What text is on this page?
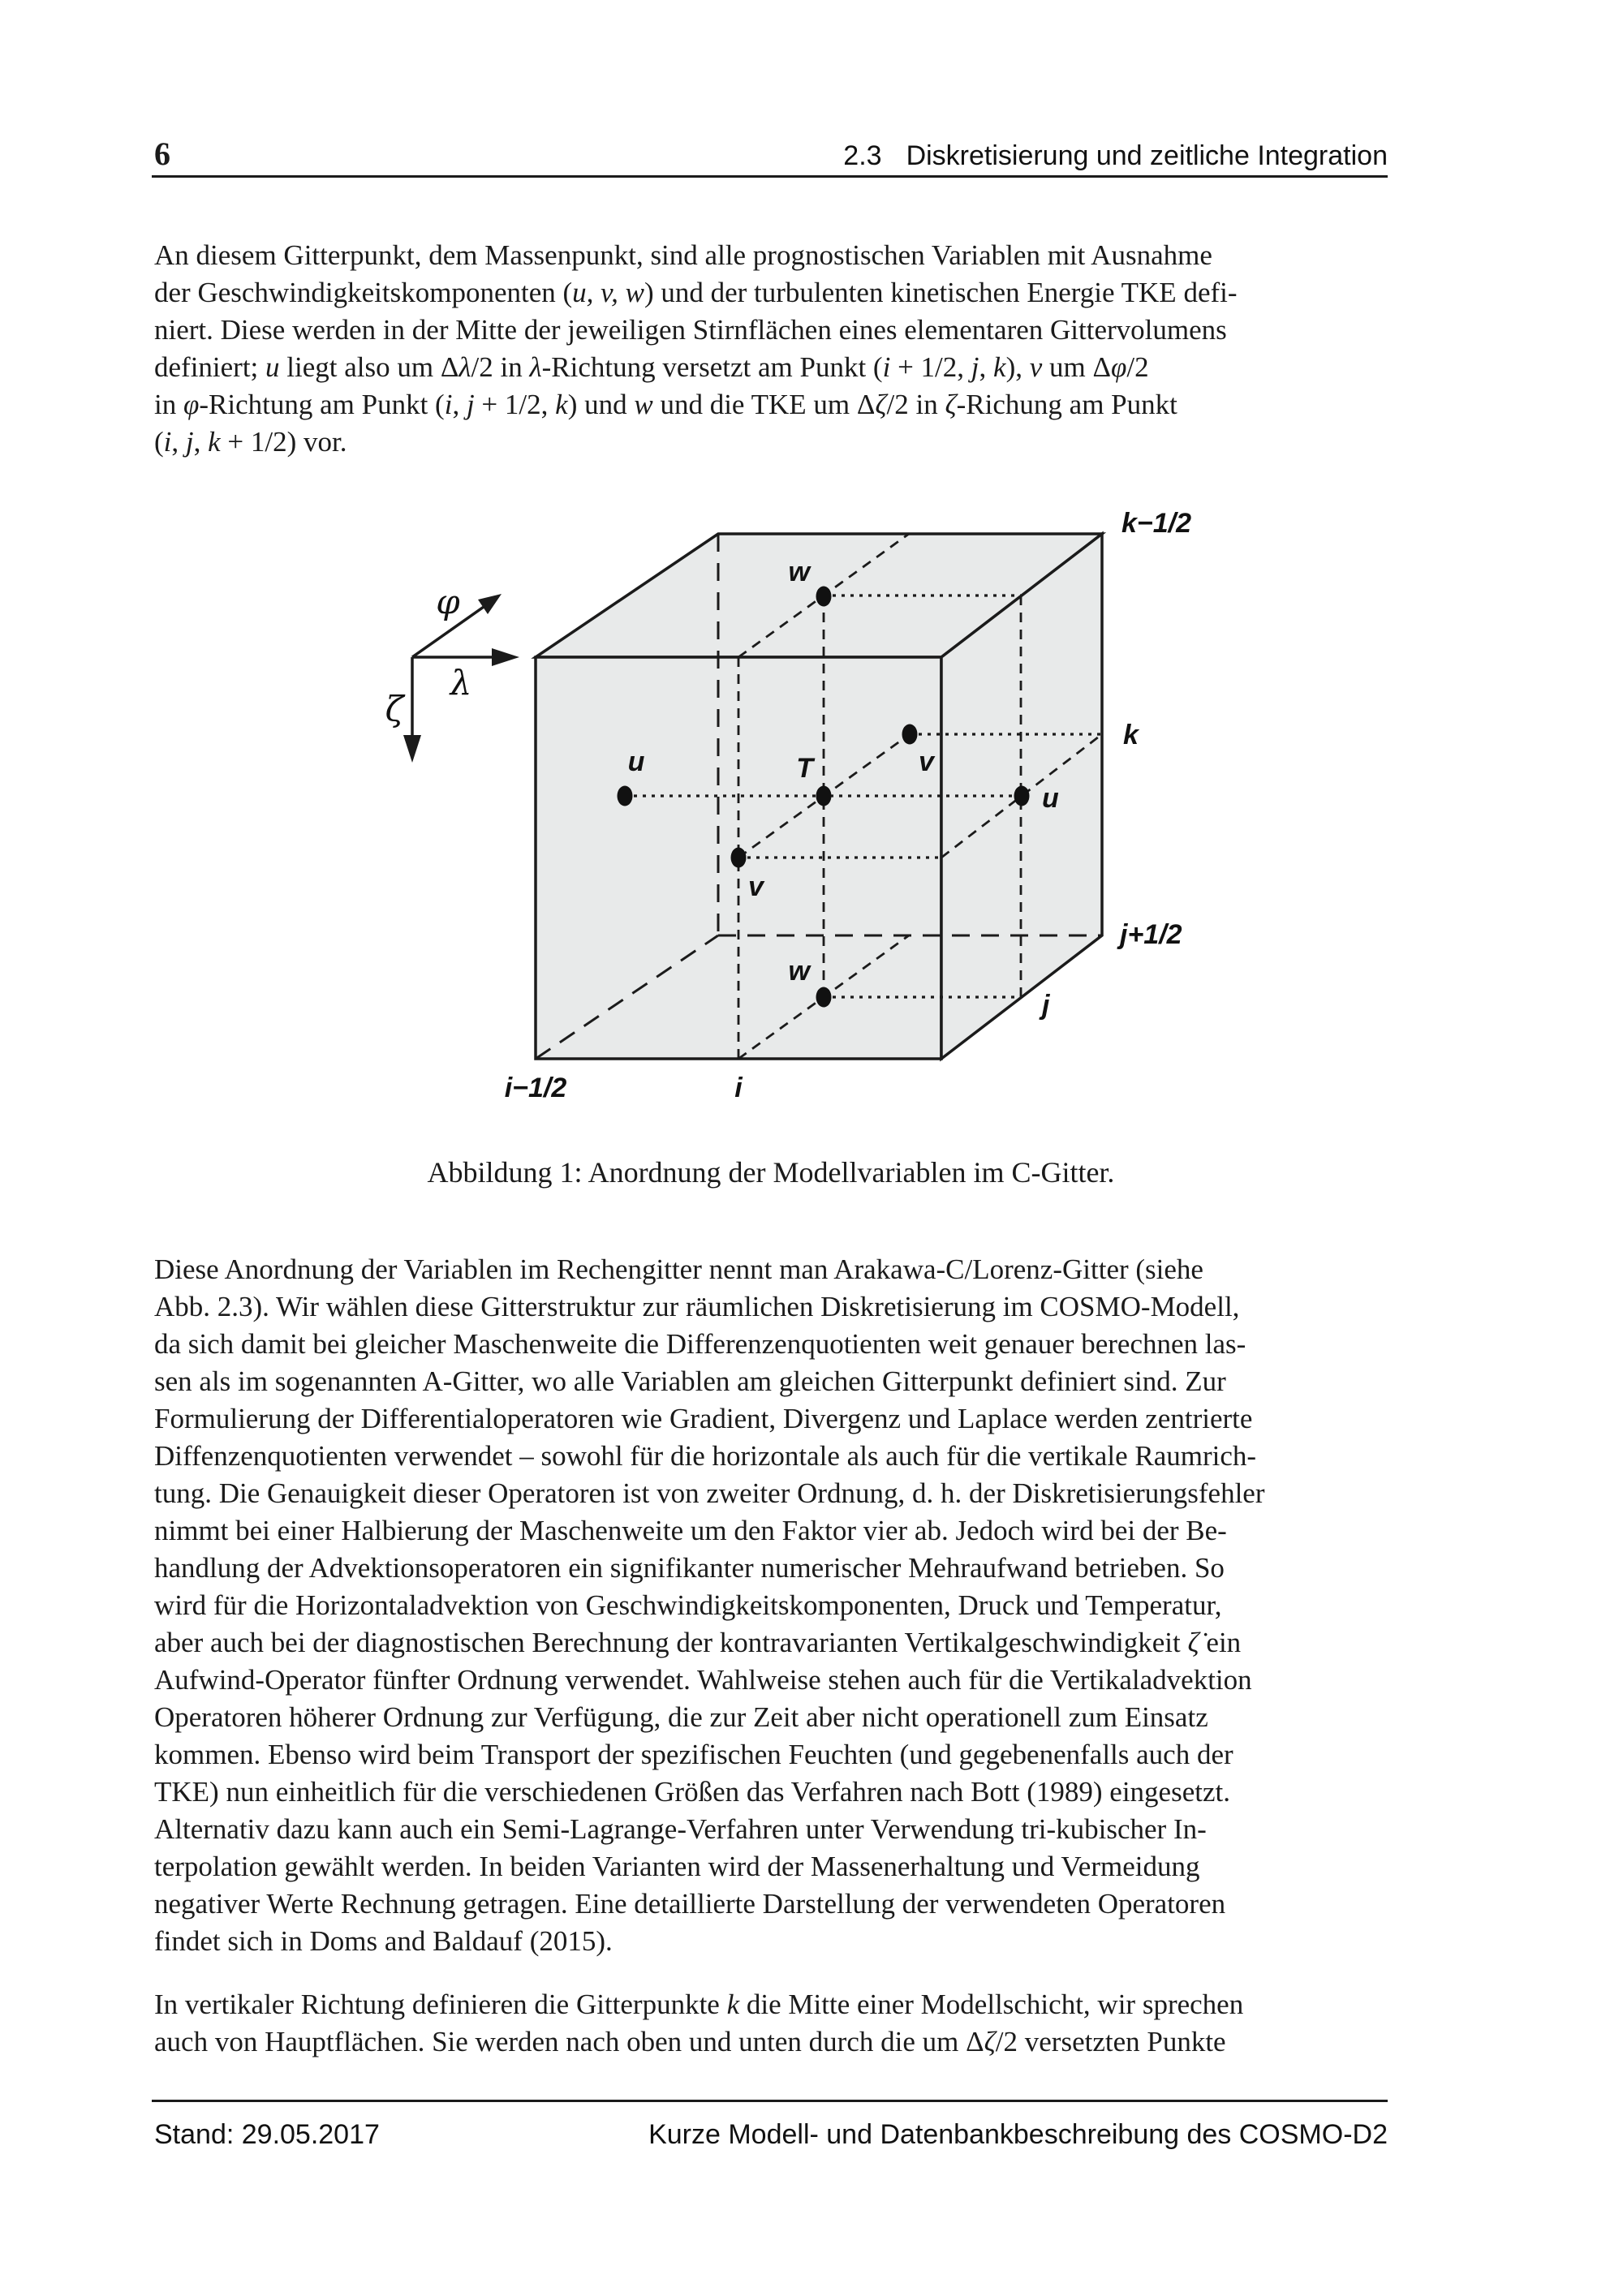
6	2.3 Diskretisierung und zeitliche Integration
An diesem Gitterpunkt, dem Massenpunkt, sind alle prognostischen Variablen mit Ausnahme
der Geschwindigkeitskomponenten (u, v, w) und der turbulenten kinetischen Energie TKE defi-
niert. Diese werden in der Mitte der jeweiligen Stirnflächen eines elementaren Gittervolumens
definiert; u liegt also um Δλ/2 in λ-Richtung versetzt am Punkt (i + 1/2, j, k), v um Δφ/2
in φ-Richtung am Punkt (i, j + 1/2, k) und w und die TKE um Δζ/2 in ζ-Richung am Punkt
(i, j, k + 1/2) vor.
φ
λ
ζ
w
w
T
u
u
v
v
k−1/2
k
j+1/2
j
i−1/2	i
Abbildung 1: Anordnung der Modellvariablen im C-Gitter.
Diese Anordnung der Variablen im Rechengitter nennt man Arakawa-C/Lorenz-Gitter (siehe
Abb. 2.3). Wir wählen diese Gitterstruktur zur räumlichen Diskretisierung im COSMO-Modell,
da sich damit bei gleicher Maschenweite die Differenzenquotienten weit genauer berechnen las-
sen als im sogenannten A-Gitter, wo alle Variablen am gleichen Gitterpunkt definiert sind. Zur
Formulierung der Differentialoperatoren wie Gradient, Divergenz und Laplace werden zentrierte
Diffenzenquotienten verwendet – sowohl für die horizontale als auch für die vertikale Raumrich-
tung. Die Genauigkeit dieser Operatoren ist von zweiter Ordnung, d. h. der Diskretisierungsfehler
nimmt bei einer Halbierung der Maschenweite um den Faktor vier ab. Jedoch wird bei der Be-
handlung der Advektionsoperatoren ein signifikanter numerischer Mehraufwand betrieben. So
wird für die Horizontaladvektion von Geschwindigkeitskomponenten, Druck und Temperatur,
aber auch bei der diagnostischen Berechnung der kontravarianten Vertikalgeschwindigkeit ζ̇ ein
Aufwind-Operator fünfter Ordnung verwendet. Wahlweise stehen auch für die Vertikaladvektion
Operatoren höherer Ordnung zur Verfügung, die zur Zeit aber nicht operationell zum Einsatz
kommen. Ebenso wird beim Transport der spezifischen Feuchten (und gegebenenfalls auch der
TKE) nun einheitlich für die verschiedenen Größen das Verfahren nach Bott (1989) eingesetzt.
Alternativ dazu kann auch ein Semi-Lagrange-Verfahren unter Verwendung tri-kubischer In-
terpolation gewählt werden. In beiden Varianten wird der Massenerhaltung und Vermeidung
negativer Werte Rechnung getragen. Eine detaillierte Darstellung der verwendeten Operatoren
findet sich in Doms and Baldauf (2015).
In vertikaler Richtung definieren die Gitterpunkte k die Mitte einer Modellschicht, wir sprechen
auch von Hauptflächen. Sie werden nach oben und unten durch die um Δζ/2 versetzten Punkte
Stand: 29.05.2017	Kurze Modell- und Datenbankbeschreibung des COSMO-D2
